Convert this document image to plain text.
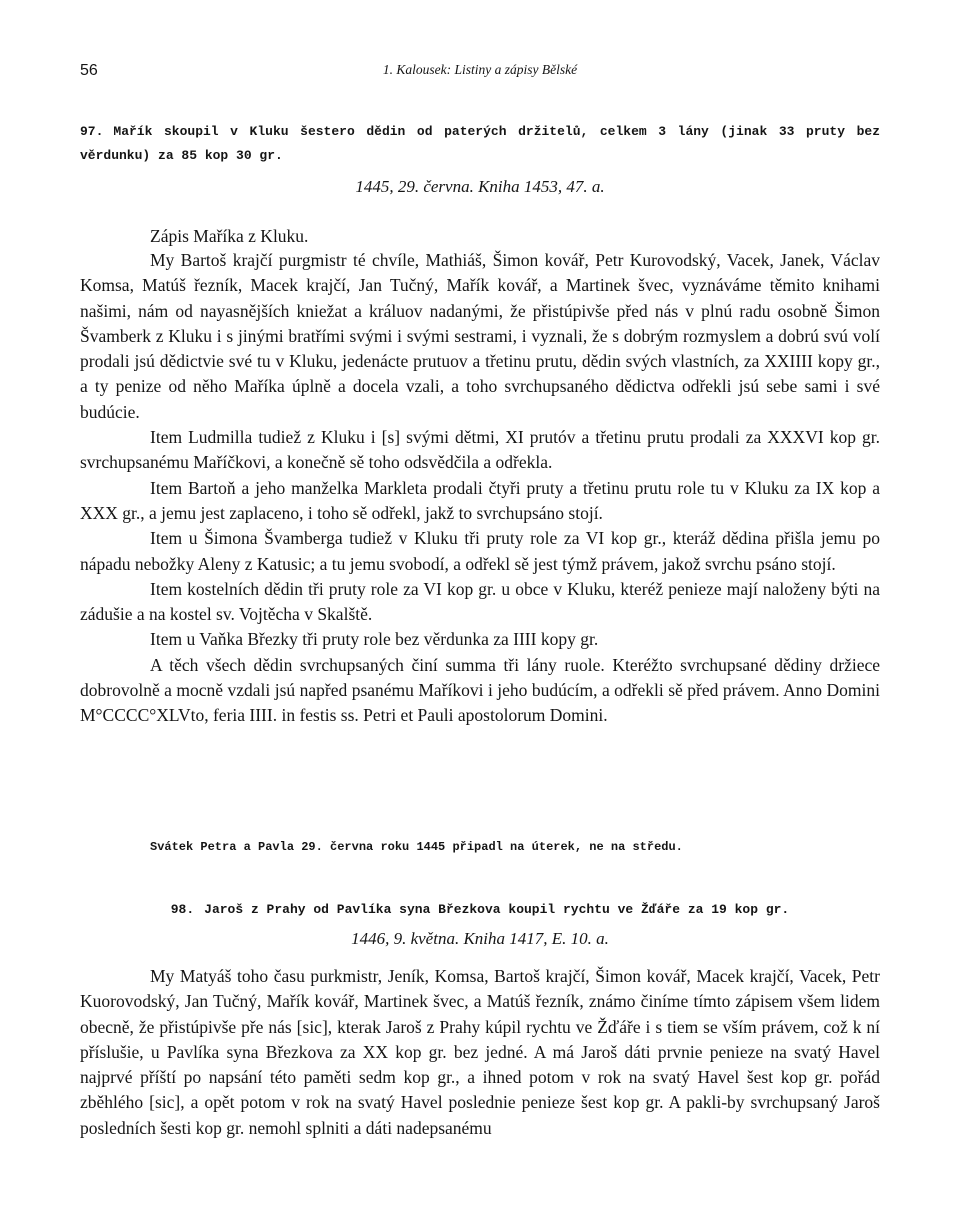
56	1. Kalousek: Listiny a zápisy Bělské
97. Mařík skoupil v Kluku šestero dědin od paterých držitelů, celkem 3 lány (jinak 33 pruty bez věrdunku) za 85 kop 30 gr.
1445, 29. června. Kniha 1453, 47. a.
Zápis Maříka z Kluku.

My Bartoš krajčí purgmistr té chvíle, Mathiáš, Šimon kovář, Petr Kurovodský, Vacek, Janek, Václav Komsa, Matúš řezník, Macek krajčí, Jan Tučný, Mařík kovář, a Martinek švec, vyznáváme těmito knihami našimi, nám od nayasnějších kniežat a králuov nadanými, že přistúpivše před nás v plnú radu osobně Šimon Švamberk z Kluku i s jinými bratřími svými i svými sestrami, i vyznali, že s dobrým rozmyslem a dobrú svú volí prodali jsú dědictvie své tu v Kluku, jedenácte prutuov a třetinu prutu, dědin svých vlastních, za XXIIII kopy gr., a ty penize od něho Maříka úplně a docela vzali, a toho svrchupsaného dědictva odřekli jsú sebe sami i své budúcie.

Item Ludmilla tudiež z Kluku i [s] svými dětmi, XI prutóv a třetinu prutu prodali za XXXVI kop gr. svrchupsanému Maříčkovi, a konečně sě toho odsvědčila a odřekla.

Item Bartoň a jeho manželka Markleta prodali čtyři pruty a třetinu prutu role tu v Kluku za IX kop a XXX gr., a jemu jest zaplaceno, i toho sě odřekl, jakž to svrchupsáno stojí.

Item u Šimona Švamberga tudiež v Kluku tři pruty role za VI kop gr., kteráž dědina přišla jemu po nápadu nebožky Aleny z Katusic; a tu jemu svobodí, a odřekl sě jest týmž právem, jakož svrchu psáno stojí.

Item kostelních dědin tři pruty role za VI kop gr. u obce v Kluku, kteréž penieze mají naloženy býti na zádušie a na kostel sv. Vojtěcha v Skalště.

Item u Vaňka Březky tři pruty role bez věrdunka za IIII kopy gr.

A těch všech dědin svrchupsaných činí summa tři lány ruole. Kteréžto svrchupsané dědiny držiece dobrovolně a mocně vzdali jsú napřed psanému Maříkovi i jeho budúcím, a odřekli sě před právem. Anno Domini M°CCCC°XLVto, feria IIII. in festis ss. Petri et Pauli apostolorum Domini.

Svátek Petra a Pavla 29. června roku 1445 připadl na úterek, ne na středu.
98. Jaroš z Prahy od Pavlíka syna Březkova koupil rychtu ve Žďáře za 19 kop gr.
1446, 9. května. Kniha 1417, E. 10. a.

My Matyáš toho času purkmistr, Jeník, Komsa, Bartoš krajčí, Šimon kovář, Macek krajčí, Vacek, Petr Kuorovodský, Jan Tučný, Mařík kovář, Martinek švec, a Matúš řezník, známo činíme tímto zápisem všem lidem obecně, že přistúpivše pře nás [sic], kterak Jaroš z Prahy kúpil rychtu ve Žďáře i s tiem se vším právem, což k ní příslušie, u Pavlíka syna Březkova za XX kop gr. bez jedné. A má Jaroš dáti prvnie penieze na svatý Havel najprvé příští po napsání této paměti sedm kop gr., a ihned potom v rok na svatý Havel šest kop gr. pořád zběhlého [sic], a opět potom v rok na svatý Havel poslednie penieze šest kop gr. A pakli-by svrchupsaný Jaroš posledních šesti kop gr. nemohl splniti a dáti nadepsanému
